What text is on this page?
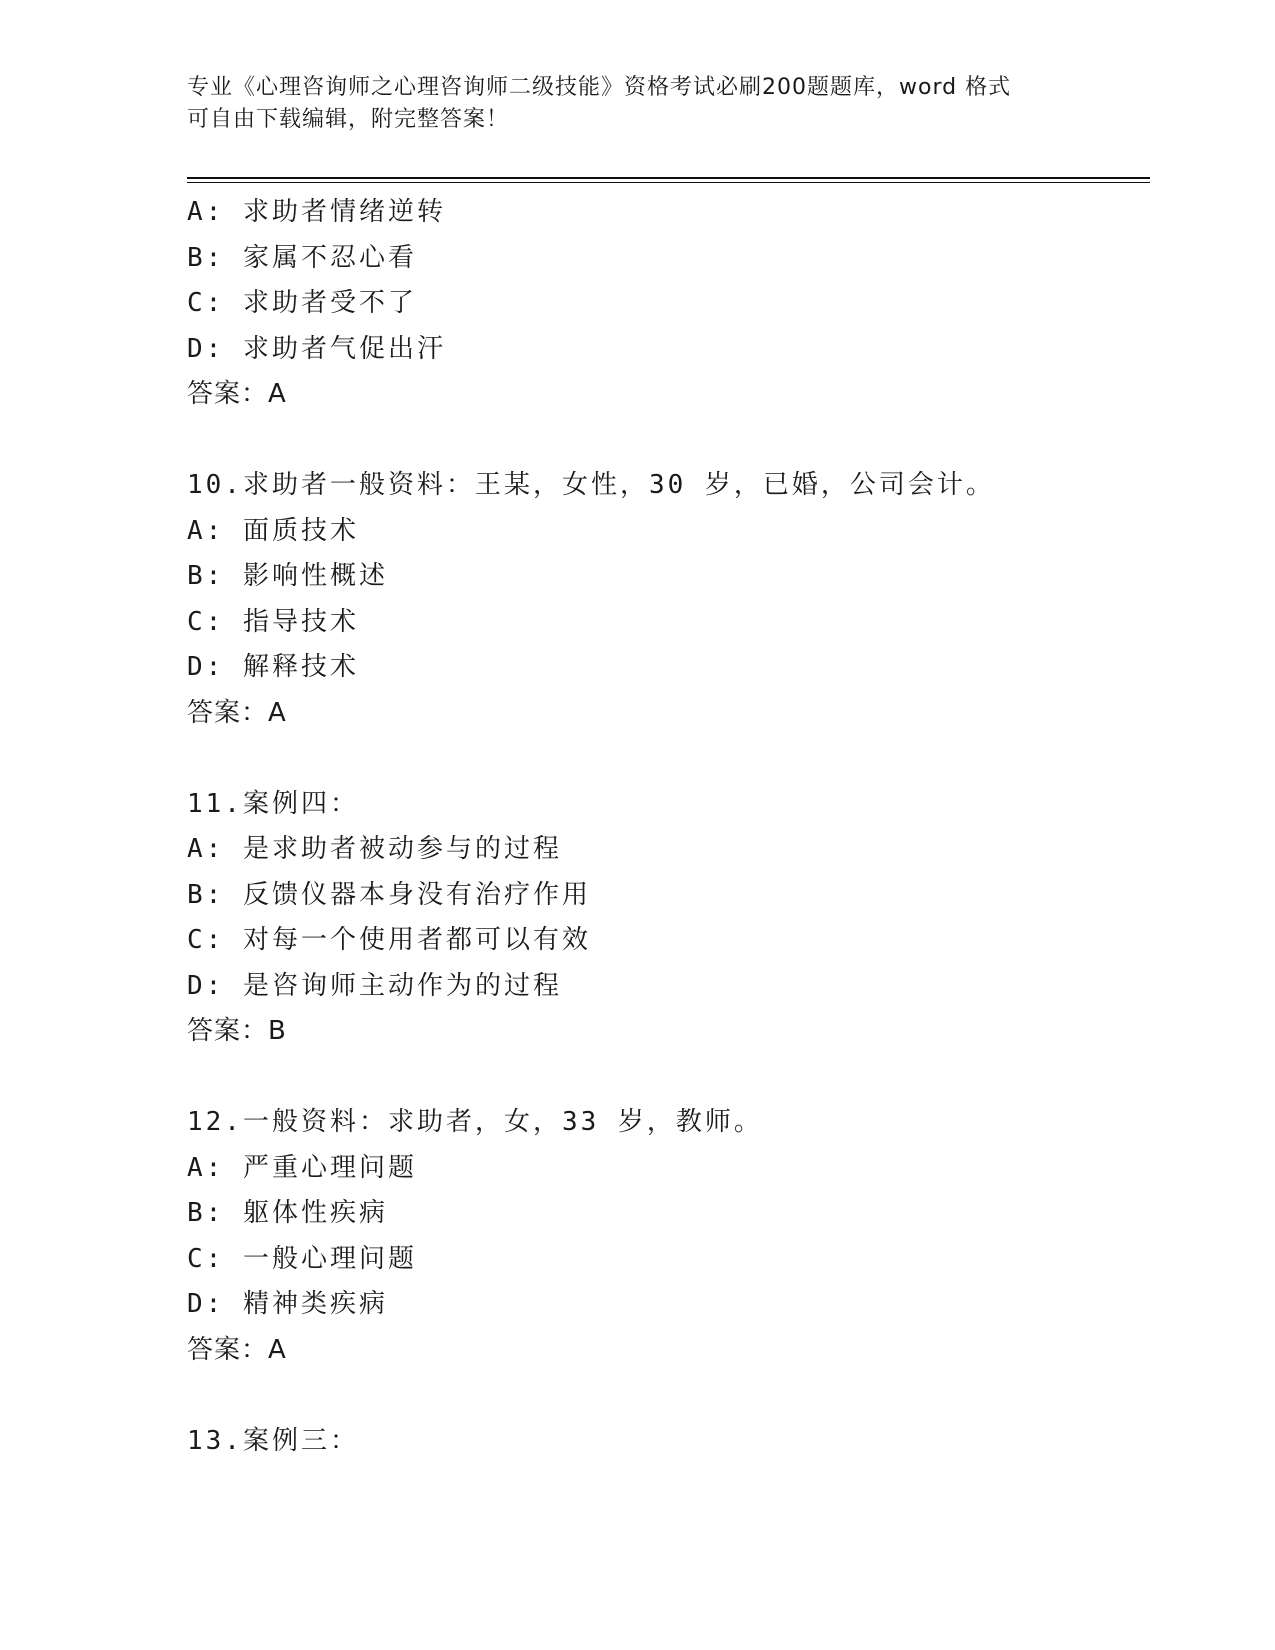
专业《心理咨询师之心理咨询师二级技能》资格考试必刷200题题库，word 格式
可自由下载编辑，附完整答案！
A: 求助者情绪逆转
B: 家属不忍心看
C: 求助者受不了
D: 求助者气促出汗
答案：A
10.求助者一般资料：王某，女性，30 岁，已婚，公司会计。
A: 面质技术
B: 影响性概述
C: 指导技术
D: 解释技术
答案：A
11.案例四：
A: 是求助者被动参与的过程
B: 反馈仪器本身没有治疗作用
C: 对每一个使用者都可以有效
D: 是咨询师主动作为的过程
答案：B
12.一般资料：求助者，女，33 岁，教师。
A: 严重心理问题
B: 躯体性疾病
C: 一般心理问题
D: 精神类疾病
答案：A
13.案例三：
